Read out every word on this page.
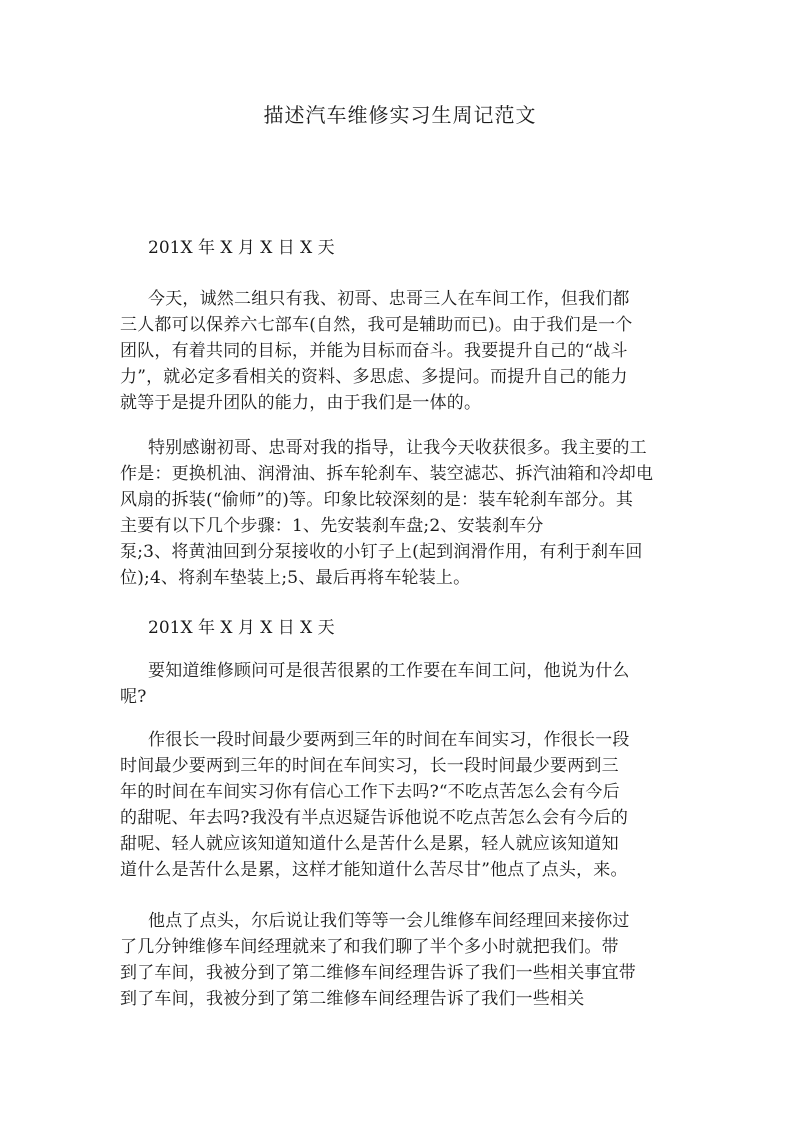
描述汽车维修实习生周记范文
201X 年 X 月 X 日 X 天
今天，诚然二组只有我、初哥、忠哥三人在车间工作，但我们都
三人都可以保养六七部车(自然，我可是辅助而已)。由于我们是一个
团队，有着共同的目标，并能为目标而奋斗。我要提升自己的“战斗
力”，就必定多看相关的资料、多思虑、多提问。而提升自己的能力
就等于是提升团队的能力，由于我们是一体的。
特别感谢初哥、忠哥对我的指导，让我今天收获很多。我主要的工
作是：更换机油、润滑油、拆车轮刹车、装空滤芯、拆汽油箱和冷却电
风扇的拆装(“偷师”的)等。印象比较深刻的是：装车轮刹车部分。其
主要有以下几个步骤：1、先安装刹车盘;2、安装刹车分
泵;3、将黄油回到分泵接收的小钉子上(起到润滑作用，有利于刹车回
位);4、将刹车垫装上;5、最后再将车轮装上。
201X 年 X 月 X 日 X 天
要知道维修顾问可是很苦很累的工作要在车间工问，他说为什么
呢?
作很长一段时间最少要两到三年的时间在车间实习，作很长一段
时间最少要两到三年的时间在车间实习，长一段时间最少要两到三
年的时间在车间实习你有信心工作下去吗?“不吃点苦怎么会有今后
的甜呢、年去吗?我没有半点迟疑告诉他说不吃点苦怎么会有今后的
甜呢、轻人就应该知道知道什么是苦什么是累，轻人就应该知道知
道什么是苦什么是累，这样才能知道什么苦尽甘”他点了点头，来。
他点了点头，尔后说让我们等等一会儿维修车间经理回来接你过
了几分钟维修车间经理就来了和我们聊了半个多小时就把我们。带
到了车间，我被分到了第二维修车间经理告诉了我们一些相关事宜带
到了车间，我被分到了第二维修车间经理告诉了我们一些相关
